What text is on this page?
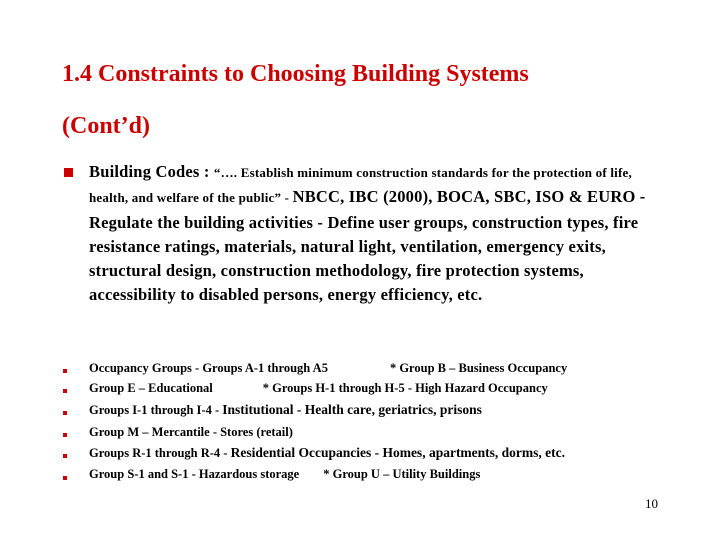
1.4 Constraints to Choosing Building Systems
(Cont’d)
Building Codes : “…. Establish minimum construction standards for the protection of life, health, and welfare of the public” - NBCC, IBC (2000), BOCA, SBC, ISO & EURO - Regulate the building activities - Define user groups, construction types, fire resistance ratings, materials, natural light, ventilation, emergency exits, structural design, construction methodology, fire protection systems, accessibility to disabled persons, energy efficiency, etc.
Occupancy Groups - Groups A-1 through A5	* Group B – Business Occupancy
Group E – Educational	* Groups H-1 through H-5 - High Hazard Occupancy
Groups I-1 through I-4 - Institutional - Health care, geriatrics, prisons
Group M – Mercantile - Stores (retail)
Groups R-1 through R-4 - Residential Occupancies - Homes, apartments, dorms, etc.
Group S-1 and S-1 - Hazardous storage * Group U – Utility Buildings
10
